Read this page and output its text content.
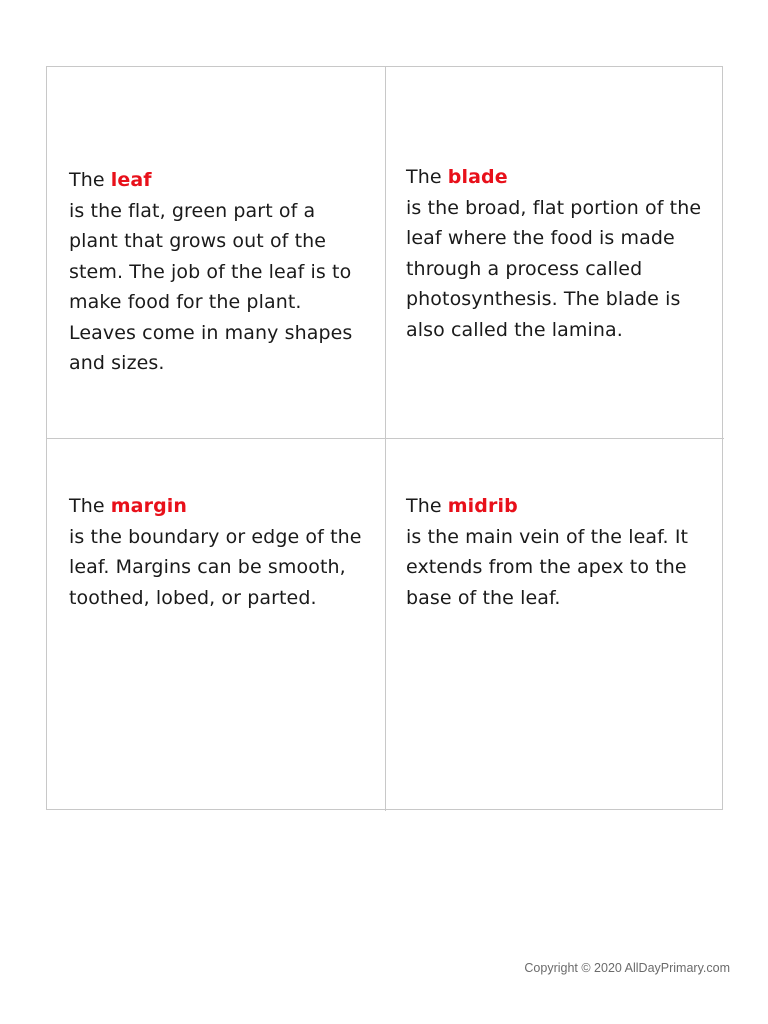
The leaf
is the flat, green part of a plant that grows out of the stem. The job of the leaf is to make food for the plant. Leaves come in many shapes and sizes.
The blade
is the broad, flat portion of the leaf where the food is made through a process called photosynthesis. The blade is also called the lamina.
The margin
is the boundary or edge of the leaf. Margins can be smooth, toothed, lobed, or parted.
The midrib
is the main vein of the leaf. It extends from the apex to the base of the leaf.
Copyright © 2020 AllDayPrimary.com
